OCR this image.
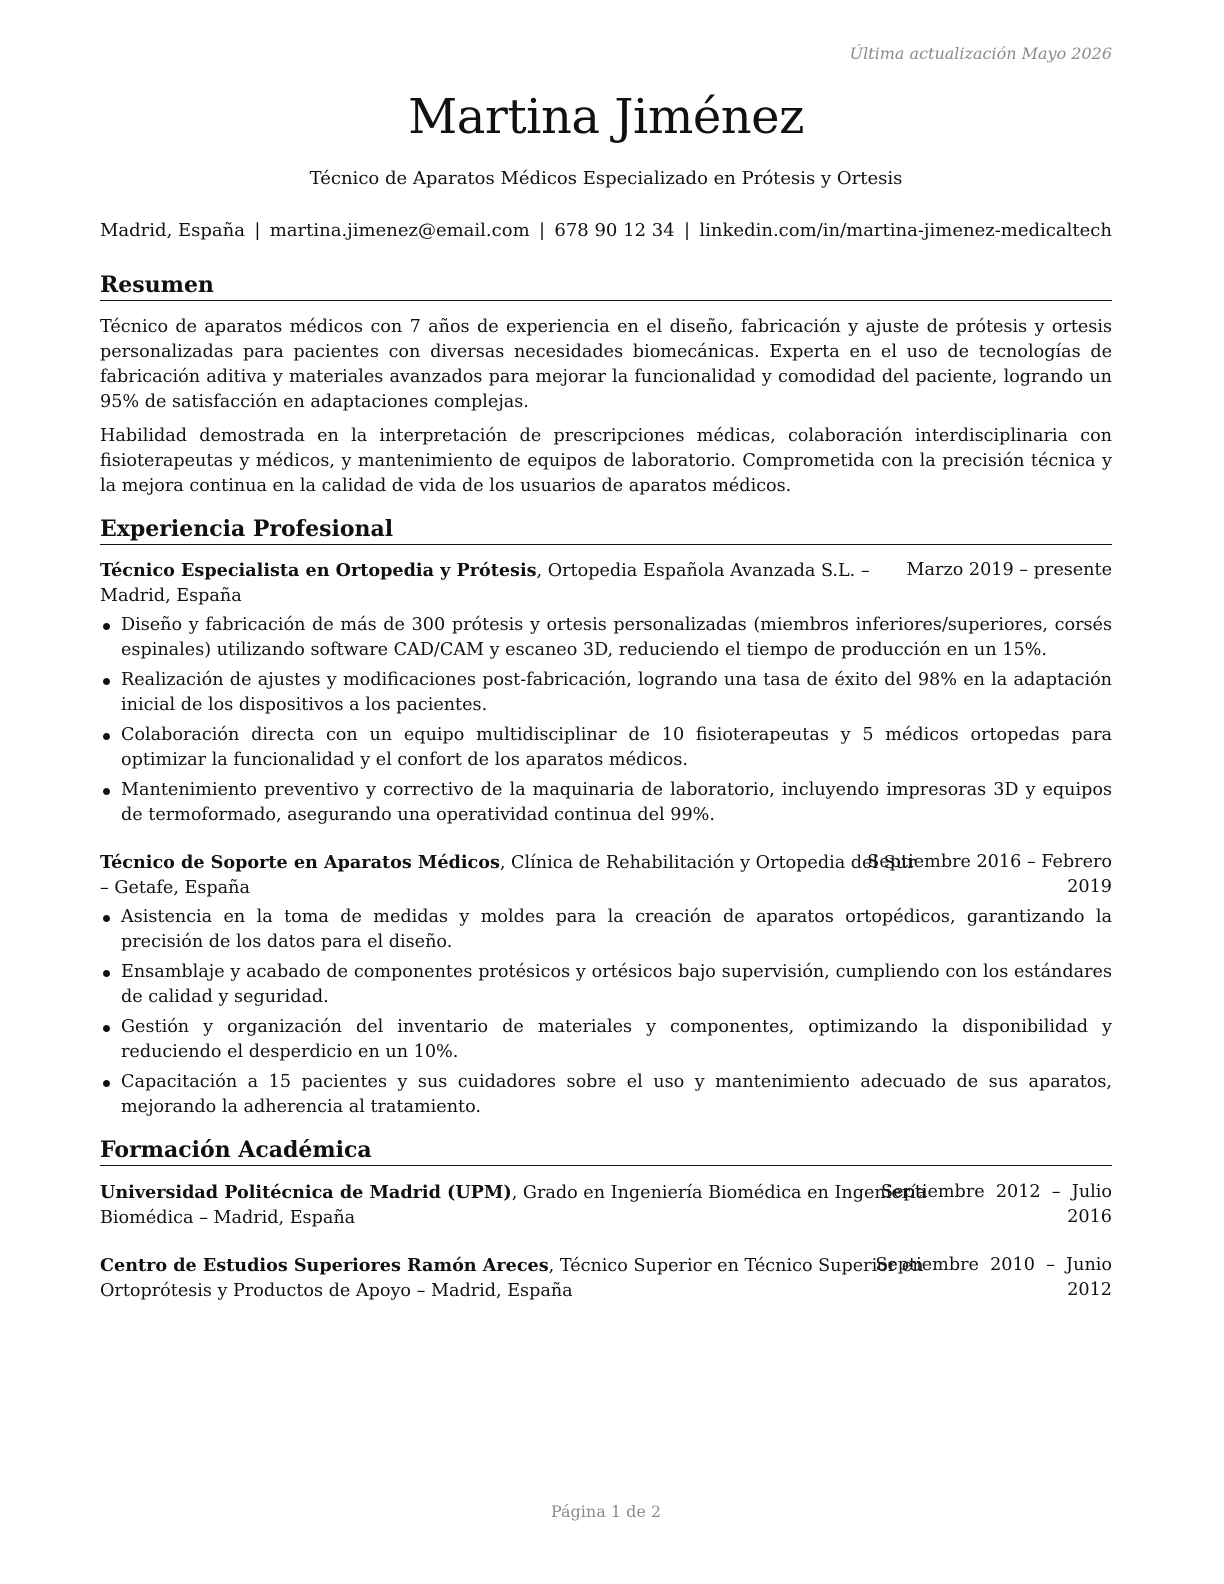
Última actualización Mayo 2026
Martina Jiménez
Técnico de Aparatos Médicos Especializado en Prótesis y Ortesis
Madrid, España | martina.jimenez@email.com | 678 90 12 34 | linkedin.com/in/martina-jimenez-medicaltech
Resumen

Técnico de aparatos médicos con 7 años de experiencia en el diseño, fabricación y ajuste de prótesis y ortesis personalizadas para pacientes con diversas necesidades biomecánicas. Experta en el uso de tecnologías de fabricación aditiva y materiales avanzados para mejorar la funcionalidad y comodidad del paciente, logrando un 95% de satisfacción en adaptaciones complejas.

Habilidad demostrada en la interpretación de prescripciones médicas, colaboración interdisciplinaria con fisioterapeutas y médicos, y mantenimiento de equipos de laboratorio. Comprometida con la precisión técnica y la mejora continua en la calidad de vida de los usuarios de aparatos médicos.

Experiencia Profesional
Técnico Especialista en Ortopedia y Prótesis, Ortopedia Española Avanzada S.L. –
Madrid, España
Marzo 2019 – presente
Diseño y fabricación de más de 300 prótesis y ortesis personalizadas (miembros inferiores/superiores, corsés espinales) utilizando software CAD/CAM y escaneo 3D, reduciendo el tiempo de producción en un 15%.
Realización de ajustes y modificaciones post-fabricación, logrando una tasa de éxito del 98% en la adaptación inicial de los dispositivos a los pacientes.
Colaboración directa con un equipo multidisciplinar de 10 fisioterapeutas y 5 médicos ortopedas para optimizar la funcionalidad y el confort de los aparatos médicos.
Mantenimiento preventivo y correctivo de la maquinaria de laboratorio, incluyendo impresoras 3D y equipos de termoformado, asegurando una operatividad continua del 99%.
Técnico de Soporte en Aparatos Médicos, Clínica de Rehabilitación y Ortopedia del Sur
– Getafe, España
Septiembre 2016 – Febrero
2019
Asistencia en la toma de medidas y moldes para la creación de aparatos ortopédicos, garantizando la precisión de los datos para el diseño.
Ensamblaje y acabado de componentes protésicos y ortésicos bajo supervisión, cumpliendo con los estándares de calidad y seguridad.
Gestión y organización del inventario de materiales y componentes, optimizando la disponibilidad y reduciendo el desperdicio en un 10%.
Capacitación a 15 pacientes y sus cuidadores sobre el uso y mantenimiento adecuado de sus aparatos, mejorando la adherencia al tratamiento.
Formación Académica
Universidad Politécnica de Madrid (UPM), Grado en Ingeniería Biomédica en Ingeniería
Biomédica – Madrid, España
Septiembre  2012  –  Julio
2016
Centro de Estudios Superiores Ramón Areces, Técnico Superior en Técnico Superior en
Ortoprótesis y Productos de Apoyo – Madrid, España
Septiembre  2010  –  Junio
2012
Página 1 de 2
